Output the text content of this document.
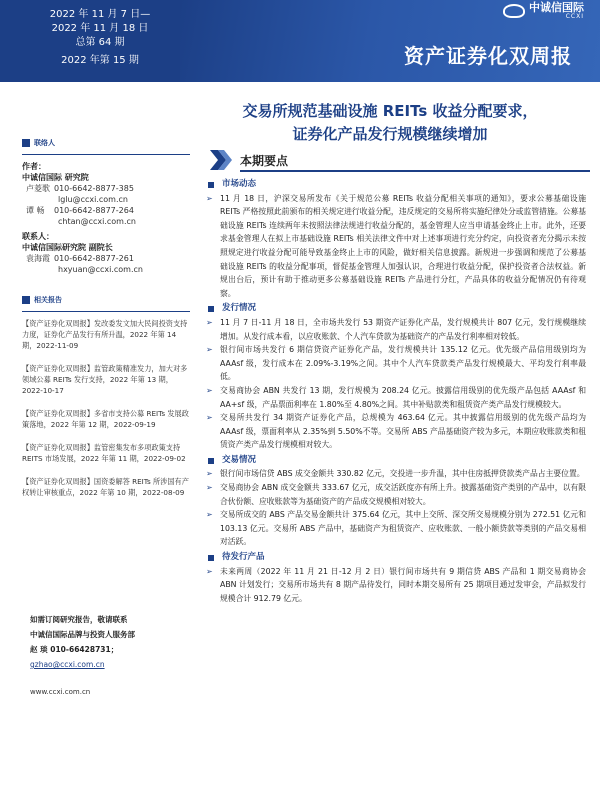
2022 年 11 月 7 日—
2022 年 11 月 18 日
总第 64 期
2022 年第 15 期
中诚信国际
CCXI
资产证券化双周报
交易所规范基础设施 REITs 收益分配要求，
证券化产品发行规模继续增加
联络人
作者：
中诚信国际 研究院
卢菱歌 010-6642-8877-385
lglu@ccxi.com.cn
谭 畅	010-6642-8877-264
chtan@ccxi.com.cn
联系人：
中诚信国际研究院 副院长
袁海霞 010-6642-8877-261
hxyuan@ccxi.com.cn
相关报告
【资产证券化双周报】发改委发文加大民间投资支持力度，证券化产品发行有所升温，2022 年第 14 期，2022-11-09
【资产证券化双周报】监管政策精准发力，加大对多领域公募 REITs 发行支持，2022 年第 13 期，2022-10-17
【资产证券化双周报】多省市支持公募 REITs 发展政策落地，2022 年第 12 期，2022-09-19
【资产证券化双周报】监管密集发布多项政策支持 REITS 市场发展，2022 年第 11 期，2022-09-02
【资产证券化双周报】国资委解答 REITs 所涉国有产权转让审核重点，2022 年第 10 期，2022-08-09
如需订阅研究报告，敬请联系
中诚信国际品牌与投资人服务部
赵 琰 010-66428731；
gzhao@ccxi.com.cn
www.ccxi.com.cn
本期要点
市场动态
➢ 11 月 18 日，沪深交易所发布《关于规范公募 REITs 收益分配相关事项的通知》，要求公募基础设施 REITs 严格按照此前颁布的相关规定进行收益分配，违反规定的交易所将实施纪律处分或监管措施。公募基础设施 REITs 连续两年未按照法律法规进行收益分配的，基金管理人应当申请基金终止上市。此外，还要求基金管理人在拟上市基础设施 REITs 相关法律文件中对上述事项进行充分约定，向投资者充分揭示未按照规定进行收益分配可能导致基金终止上市的风险，做好相关信息披露。新规进一步强调和规范了公募基础设施 REITs 的收益分配事项，督促基金管理人加强认识，合理进行收益分配，保护投资者合法权益。新规出台后，预计有助于推动更多公募基础设施 REITs 产品进行分红，产品具体的收益分配情况仍有待观察。
发行情况
➢ 11 月 7 日-11 月 18 日，全市场共发行 53 期资产证券化产品，发行规模共计 807 亿元，发行规模继续增加。从发行成本看，以应收账款、个人汽车贷款为基础资产的产品发行利率相对较低。
➢ 银行间市场共发行 6 期信贷资产证券化产品，发行规模共计 135.12 亿元。优先级产品信用级别均为 AAAsf 级，发行成本在 2.09%-3.19%之间。其中个人汽车贷款类产品发行规模最大、平均发行利率最低。
➢ 交易商协会 ABN 共发行 13 期，发行规模为 208.24 亿元。披露信用级别的优先级产品包括 AAAsf 和 AA+sf 级，产品票面利率在 1.80%至 4.80%之间。其中补贴款类和租赁资产类产品发行规模较大。
➢ 交易所共发行 34 期资产证券化产品，总规模为 463.64 亿元。其中披露信用级别的优先级产品均为 AAAsf 级，票面利率从 2.35%到 5.50%不等。交易所 ABS 产品基础资产较为多元，本期应收账款类和租赁资产类产品发行规模相对较大。
交易情况
➢ 银行间市场信贷 ABS 成交金额共 330.82 亿元，交投进一步升温，其中住房抵押贷款类产品占主要位置。
➢ 交易商协会 ABN 成交金额共 333.67 亿元，成交活跃度亦有所上升。披露基础资产类别的产品中，以有限合伙份额、应收账款等为基础资产的产品成交规模相对较大。
➢ 交易所成交的 ABS 产品交易金额共计 375.64 亿元，其中上交所、深交所交易规模分别为 272.51 亿元和 103.13 亿元。交易所 ABS 产品中，基础资产为租赁资产、应收账款、一般小额贷款等类别的产品交易相对活跃。
待发行产品
➢ 未来两周（2022 年 11 月 21 日-12 月 2 日）银行间市场共有 9 期信贷 ABS 产品和 1 期交易商协会 ABN 计划发行；交易所市场共有 8 期产品待发行，同时本期交易所有 25 期项目通过发审会，产品拟发行规模合计 912.79 亿元。
